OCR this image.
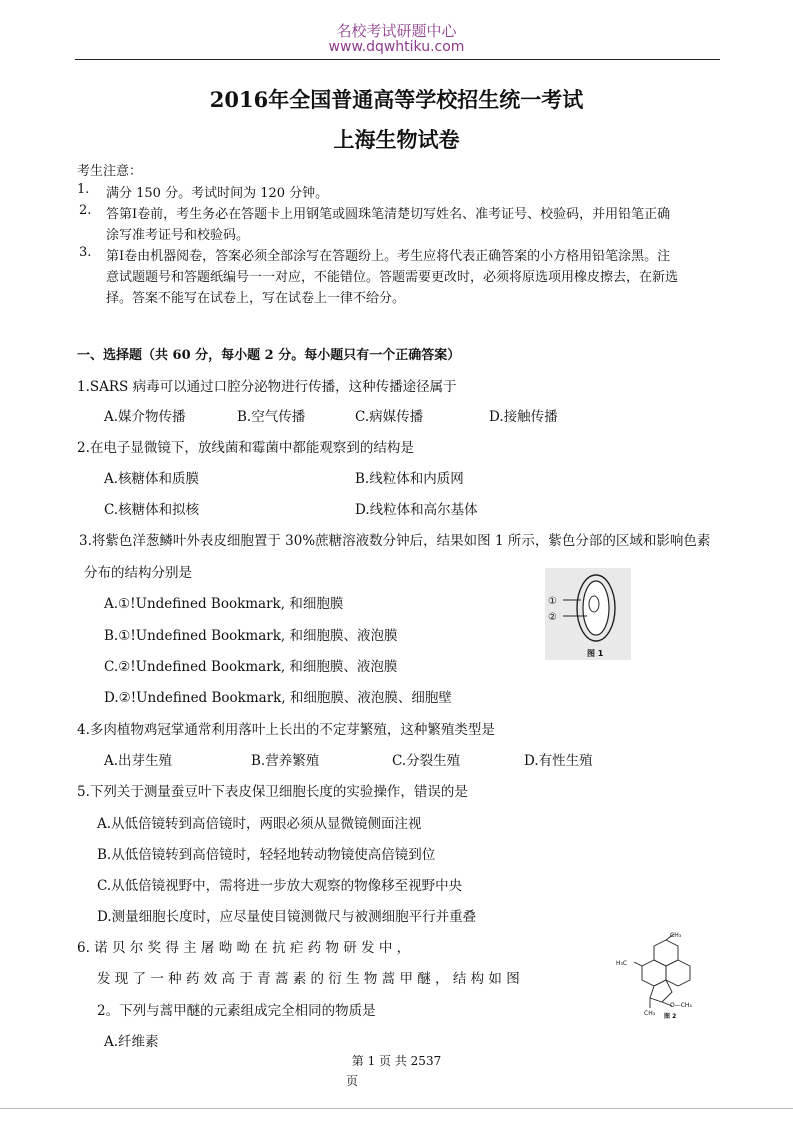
名校考试研题中心
www.dqwhtiku.com
2016年全国普通高等学校招生统一考试
上海生物试卷
考生注意：
1. 满分 150 分。考试时间为 120 分钟。
2. 答第Ⅰ卷前，考生务必在答题卡上用钢笔或圆珠笔清楚切写姓名、准考证号、校验码，并用铅笔正确
涂写准考证号和校验码。
3. 第Ⅰ卷由机器阅卷，答案必须全部涂写在答题纷上。考生应将代表正确答案的小方格用铅笔涂黑。注
意试题题号和答题纸编号一一对应，不能错位。答题需要更改时，必须将原选项用橡皮擦去，在新选
择。答案不能写在试卷上，写在试卷上一律不给分。
一、选择题（共 60 分，每小题 2 分。每小题只有一个正确答案）
1.SARS 病毒可以通过口腔分泌物进行传播，这种传播途径属于
A.媒介物传播	B.空气传播	C.病媒传播	D.接触传播
2.在电子显微镜下，放线菌和霉菌中都能观察到的结构是
A.核糖体和质膜	B.线粒体和内质网
C.核糖体和拟核	D.线粒体和高尔基体
3.将紫色洋葱鳞叶外表皮细胞置于 30%蔗糖溶液数分钟后，结果如图 1 所示，紫色分部的区域和影响色素
分布的结构分别是
A.①!Undefined Bookmark, 和细胞膜
B.①!Undefined Bookmark, 和细胞膜、液泡膜
C.②!Undefined Bookmark, 和细胞膜、液泡膜
D.②!Undefined Bookmark, 和细胞膜、液泡膜、细胞壁
①
②
图 1
4.多肉植物鸡冠掌通常利用落叶上长出的不定芽繁殖，这种繁殖类型是
A.出芽生殖	B.营养繁殖	C.分裂生殖	D.有性生殖
5.下列关于测量蚕豆叶下表皮保卫细胞长度的实验操作，错误的是
A.从低倍镜转到高倍镜时，两眼必须从显微镜侧面注视
B.从低倍镜转到高倍镜时，轻轻地转动物镜使高倍镜到位
C.从低倍镜视野中，需将进一步放大观察的物像移至视野中央
D.测量细胞长度时，应尽量使目镜测微尺与被测细胞平行并重叠
6. 诺 贝 尔 奖 得 主 屠 呦 呦 在 抗 疟 药 物 研 发 中 ，
发 现 了 一 种 药 效 高 于 青 蒿 素 的 衍 生 物 蒿 甲 醚 ， 结 构 如 图
2。下列与蒿甲醚的元素组成完全相同的物质是
A.纤维素
CH₃
H₃C
O—CH₃
CH₃ 图 2
第 1 页 共 2537
页
